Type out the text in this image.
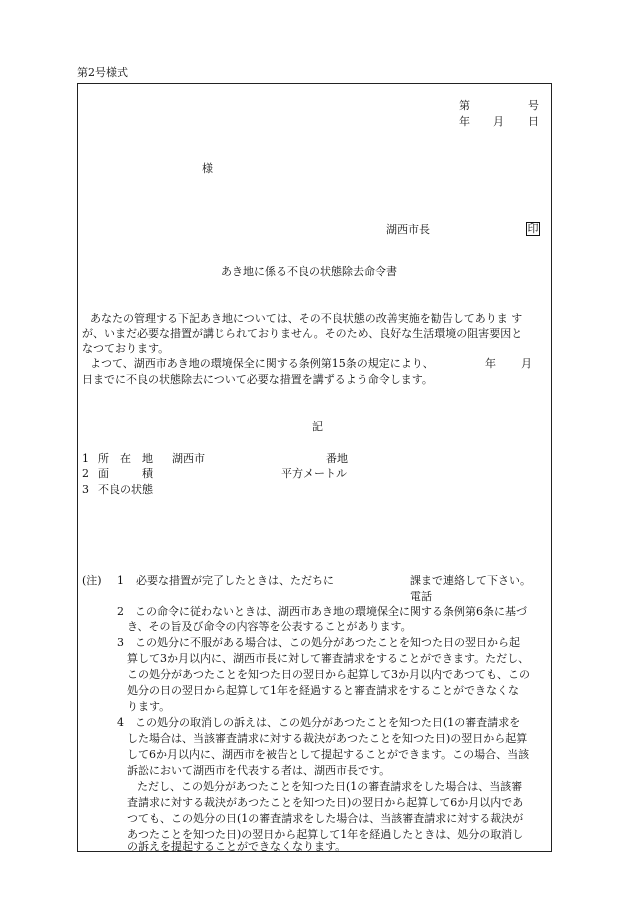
第2号様式
第	号
年 月 日
様
湖西市長	印
あき地に係る不良の状態除去命令書
あなたの管理する下記あき地については、その不良状態の改善実施を勧告してありま す
が、いまだ必要な措置が講じられておりません。そのため、良好な生活環境の阻害要因と
なつております。
よつて、湖西市あき地の環境保全に関する条例第15条の規定により、	年 月
日までに不良の状態除去について必要な措置を講ずるよう命令します。
記
1 所　在　地 湖西市	番地
2 面　　　積	平方メートル
3 不良の状態
(注) 1 必要な措置が完了したときは、ただちに	課まで連絡して下さい。
電話
2　この命令に従わないときは、湖西市あき地の環境保全に関する条例第6条に基づ
き、その旨及び命令の内容等を公表することがあります。
3　この処分に不服がある場合は、この処分があつたことを知つた日の翌日から起
算して3か月以内に、湖西市長に対して審査請求をすることができます。ただし、
この処分があつたことを知つた日の翌日から起算して3か月以内であつても、この
処分の日の翌日から起算して1年を経過すると審査請求をすることができなくな
ります。
4　この処分の取消しの訴えは、この処分があつたことを知つた日(1の審査請求を
した場合は、当該審査請求に対する裁決があつたことを知つた日)の翌日から起算
して6か月以内に、湖西市を被告として提起することができます。この場合、当該
訴訟において湖西市を代表する者は、湖西市長です。
ただし、この処分があつたことを知つた日(1の審査請求をした場合は、当該審
査請求に対する裁決があつたことを知つた日)の翌日から起算して6か月以内であ
つても、この処分の日(1の審査請求をした場合は、当該審査請求に対する裁決が
あつたことを知つた日)の翌日から起算して1年を経過したときは、処分の取消し
の訴えを提起することができなくなります。
